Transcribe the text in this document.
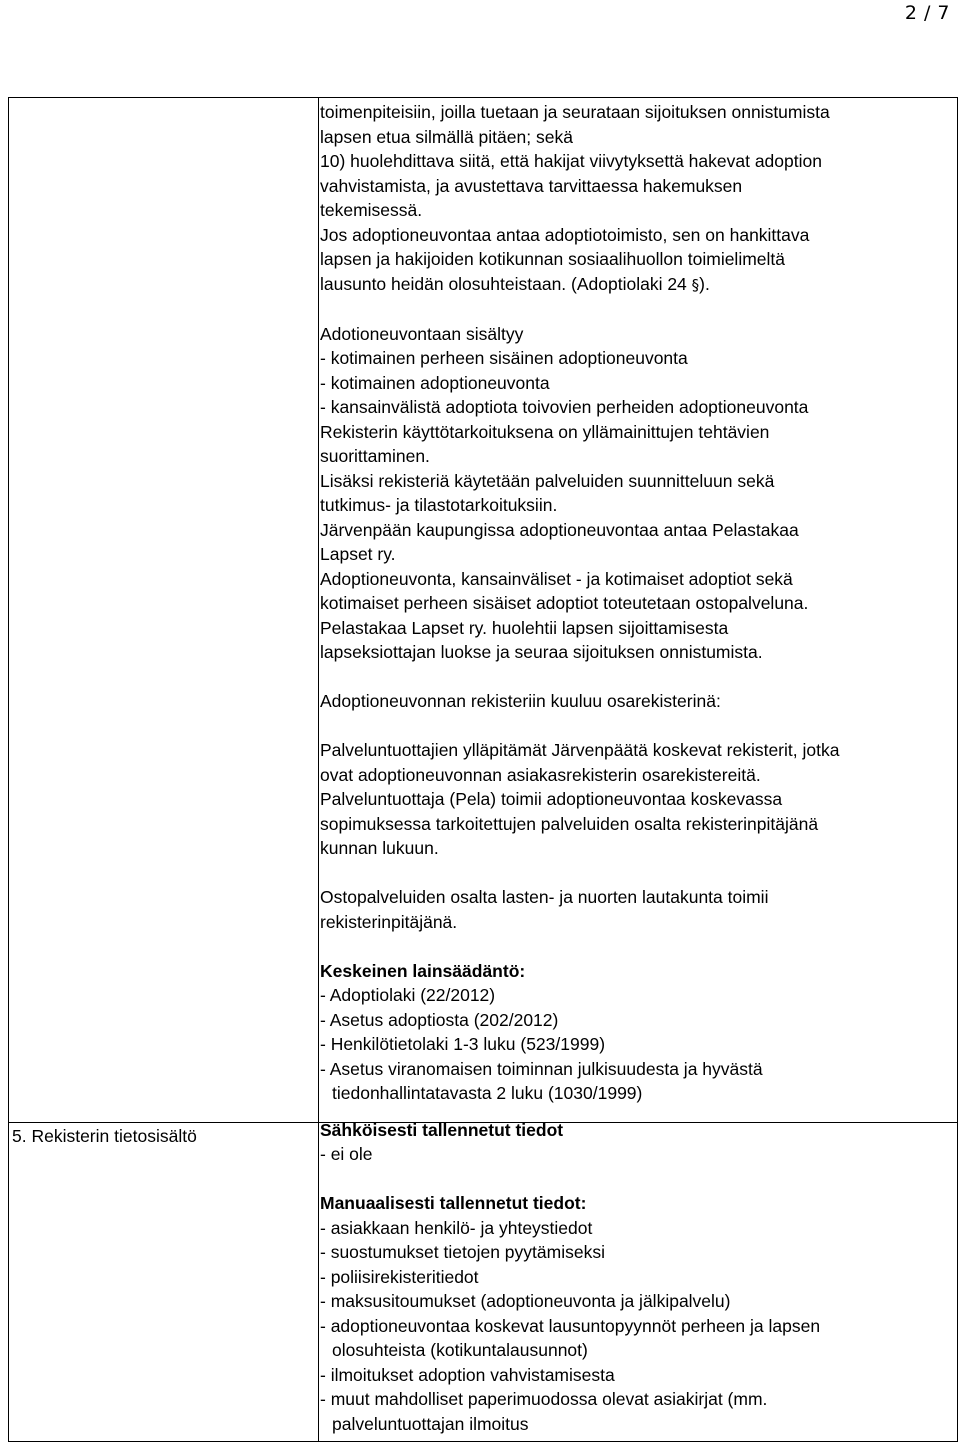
2 / 7
5. Rekisterin tietosisältö
toimenpiteisiin, joilla tuetaan ja seurataan sijoituksen onnistumista
lapsen etua silmällä pitäen; sekä
10) huolehdittava siitä, että hakijat viivytyksettä hakevat adoption
vahvistamista, ja avustettava tarvittaessa hakemuksen
tekemisessä.
Jos adoptioneuvontaa antaa adoptiotoimisto, sen on hankittava
lapsen ja hakijoiden kotikunnan sosiaalihuollon toimielimeltä
lausunto heidän olosuhteistaan. (Adoptiolaki 24 §).
Adotioneuvontaan sisältyy
- kotimainen perheen sisäinen adoptioneuvonta
- kotimainen adoptioneuvonta
- kansainvälistä adoptiota toivovien perheiden adoptioneuvonta
Rekisterin käyttötarkoituksena on yllämainittujen tehtävien
suorittaminen.
Lisäksi rekisteriä käytetään palveluiden suunnitteluun sekä
tutkimus- ja tilastotarkoituksiin.
Järvenpään kaupungissa adoptioneuvontaa antaa Pelastakaa
Lapset ry.
Adoptioneuvonta, kansainväliset - ja kotimaiset adoptiot sekä
kotimaiset perheen sisäiset adoptiot toteutetaan ostopalveluna.
Pelastakaa Lapset ry. huolehtii lapsen sijoittamisesta
lapseksiottajan luokse ja seuraa sijoituksen onnistumista.
Adoptioneuvonnan rekisteriin kuuluu osarekisterinä:
Palveluntuottajien ylläpitämät Järvenpäätä koskevat rekisterit, jotka
ovat adoptioneuvonnan asiakasrekisterin osarekistereitä.
Palveluntuottaja (Pela) toimii adoptioneuvontaa koskevassa
sopimuksessa tarkoitettujen palveluiden osalta rekisterinpitäjänä
kunnan lukuun.
Ostopalveluiden osalta lasten- ja nuorten lautakunta toimii
rekisterinpitäjänä.
Keskeinen lainsäädäntö:
- Adoptiolaki (22/2012)
- Asetus adoptiosta (202/2012)
- Henkilötietolaki 1-3 luku (523/1999)
- Asetus viranomaisen toiminnan julkisuudesta ja hyvästä
tiedonhallintatavasta 2 luku (1030/1999)
Sähköisesti tallennetut tiedot
- ei ole
Manuaalisesti tallennetut tiedot:
- asiakkaan henkilö- ja yhteystiedot
- suostumukset tietojen pyytämiseksi
- poliisirekisteritiedot
- maksusitoumukset (adoptioneuvonta ja jälkipalvelu)
- adoptioneuvontaa koskevat lausuntopyynnöt perheen ja lapsen
olosuhteista (kotikuntalausunnot)
- ilmoitukset adoption vahvistamisesta
- muut mahdolliset paperimuodossa olevat asiakirjat (mm.
palveluntuottajan ilmoitus
